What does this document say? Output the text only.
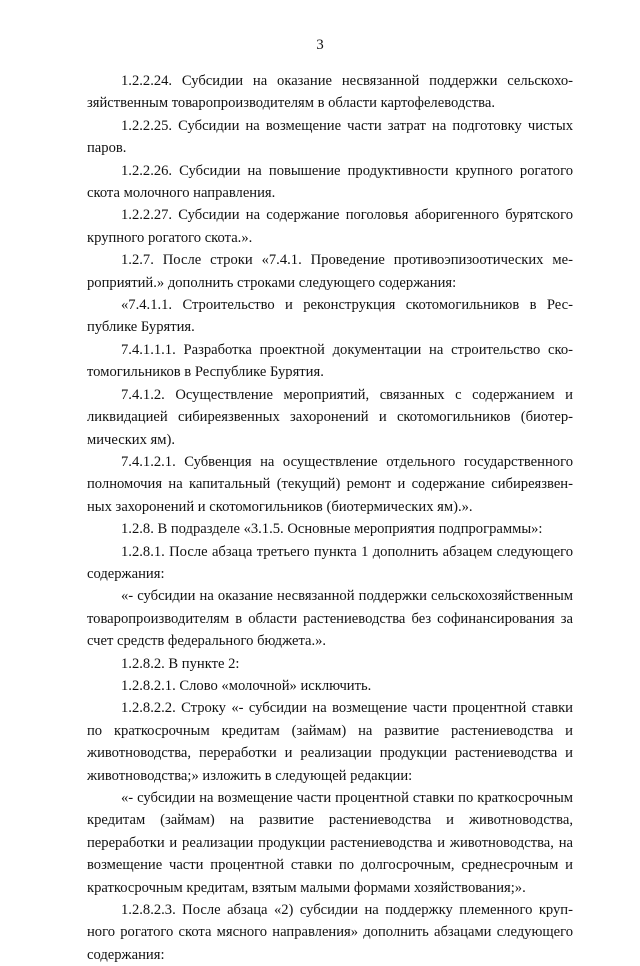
3

1.2.2.24. Субсидии на оказание несвязанной поддержки сельскохозяйственным товаропроизводителям в области картофелеводства.

1.2.2.25. Субсидии на возмещение части затрат на подготовку чистых паров.

1.2.2.26. Субсидии на повышение продуктивности крупного рогатого скота молочного направления.

1.2.2.27. Субсидии на содержание поголовья аборигенного бурятского крупного рогатого скота.».

1.2.7. После строки «7.4.1. Проведение противоэпизоотических мероприятий.» дополнить строками следующего содержания:

«7.4.1.1. Строительство и реконструкция скотомогильников в Республике Бурятия.

7.4.1.1.1. Разработка проектной документации на строительство скотомогильников в Республике Бурятия.

7.4.1.2. Осуществление мероприятий, связанных с содержанием и ликвидацией сибиреязвенных захоронений и скотомогильников (биотермических ям).

7.4.1.2.1. Субвенция на осуществление отдельного государственного полномочия на капитальный (текущий) ремонт и содержание сибиреязвенных захоронений и скотомогильников (биотермических ям).».

1.2.8. В подразделе «3.1.5. Основные мероприятия подпрограммы»:

1.2.8.1. После абзаца третьего пункта 1 дополнить абзацем следующего содержания:

«- субсидии на оказание несвязанной поддержки сельскохозяйственным товаропроизводителям в области растениеводства без софинансирования за счет средств федерального бюджета.».

1.2.8.2. В пункте 2:

1.2.8.2.1. Слово «молочной» исключить.

1.2.8.2.2. Строку «- субсидии на возмещение части процентной ставки по краткосрочным кредитам (займам) на развитие растениеводства и животноводства, переработки и реализации продукции растениеводства и животноводства;» изложить в следующей редакции:

«- субсидии на возмещение части процентной ставки по краткосрочным кредитам (займам) на развитие растениеводства и животноводства, переработки и реализации продукции растениеводства и животноводства, на возмещение части процентной ставки по долгосрочным, среднесрочным и краткосрочным кредитам, взятым малыми формами хозяйствования;».

1.2.8.2.3. После абзаца «2) субсидии на поддержку племенного крупного рогатого скота мясного направления» дополнить абзацами следующего содержания:
